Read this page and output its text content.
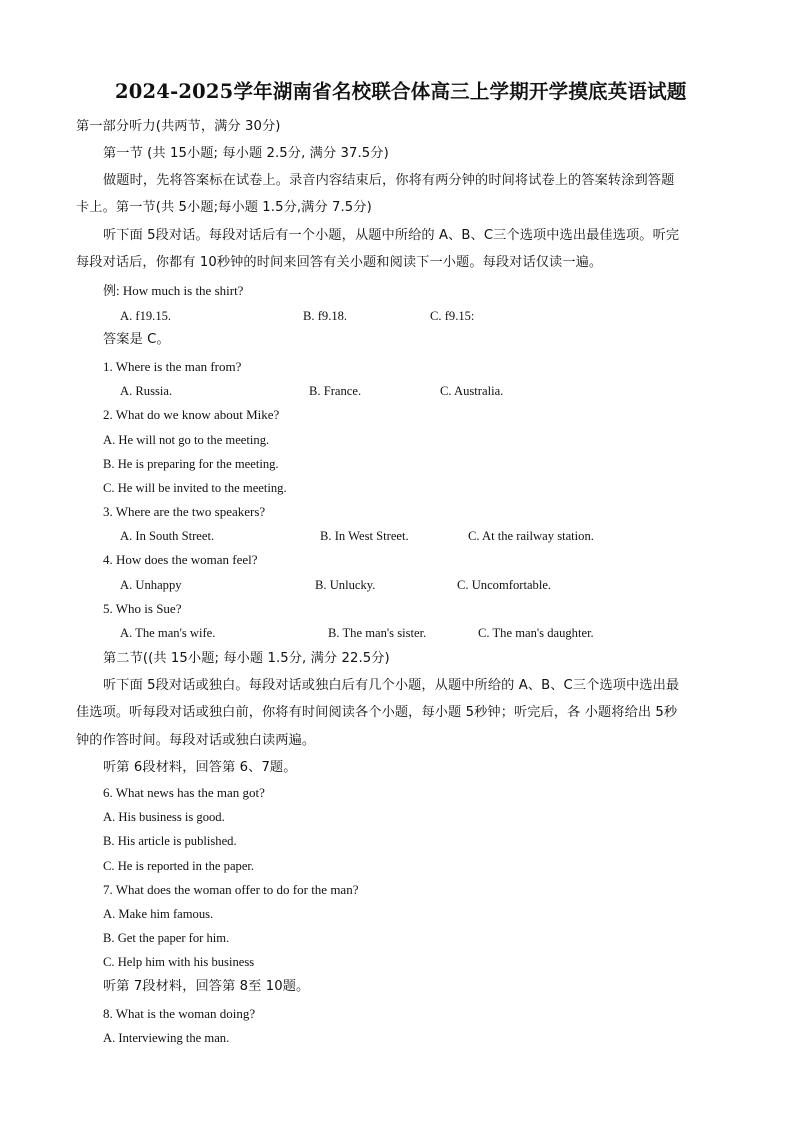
2024-2025学年湖南省名校联合体高三上学期开学摸底英语试题
第一部分听力(共两节，满分 30分)
第一节 (共 15小题; 每小题 2.5分, 满分 37.5分)
做题时，先将答案标在试卷上。录音内容结束后，你将有两分钟的时间将试卷上的答案转涂到答题
卡上。第一节(共 5小题;每小题 1.5分,满分 7.5分)
听下面 5段对话。每段对话后有一个小题，从题中所给的 A、B、C三个选项中选出最佳选项。听完
每段对话后，你都有 10秒钟的时间来回答有关小题和阅读下一小题。每段对话仅读一遍。
例: How much is the shirt?
A. f19.15.	B. f9.18.	C. f9.15:
答案是 C。
1. Where is the man from?
A. Russia.	B. France.	C. Australia.
2. What do we know about Mike?
A. He will not go to the meeting.
B. He is preparing for the meeting.
C. He will be invited to the meeting.
3. Where are the two speakers?
A. In South Street.	B. In West Street.	C. At the railway station.
4. How does the woman feel?
A. Unhappy	B. Unlucky.	C. Uncomfortable.
5. Who is Sue?
A. The man's wife.	B. The man's sister.	C. The man's daughter.
第二节((共 15小题; 每小题 1.5分, 满分 22.5分)
听下面 5段对话或独白。每段对话或独白后有几个小题，从题中所给的 A、B、C三个选项中选出最
佳选项。听每段对话或独白前，你将有时间阅读各个小题，每小题 5秒钟；听完后，各 小题将给出 5秒
钟的作答时间。每段对话或独白读两遍。
听第 6段材料，回答第 6、7题。
6. What news has the man got?
A. His business is good.
B. His article is published.
C. He is reported in the paper.
7. What does the woman offer to do for the man?
A. Make him famous.
B. Get the paper for him.
C. Help him with his business
听第 7段材料，回答第 8至 10题。
8. What is the woman doing?
A. Interviewing the man.
